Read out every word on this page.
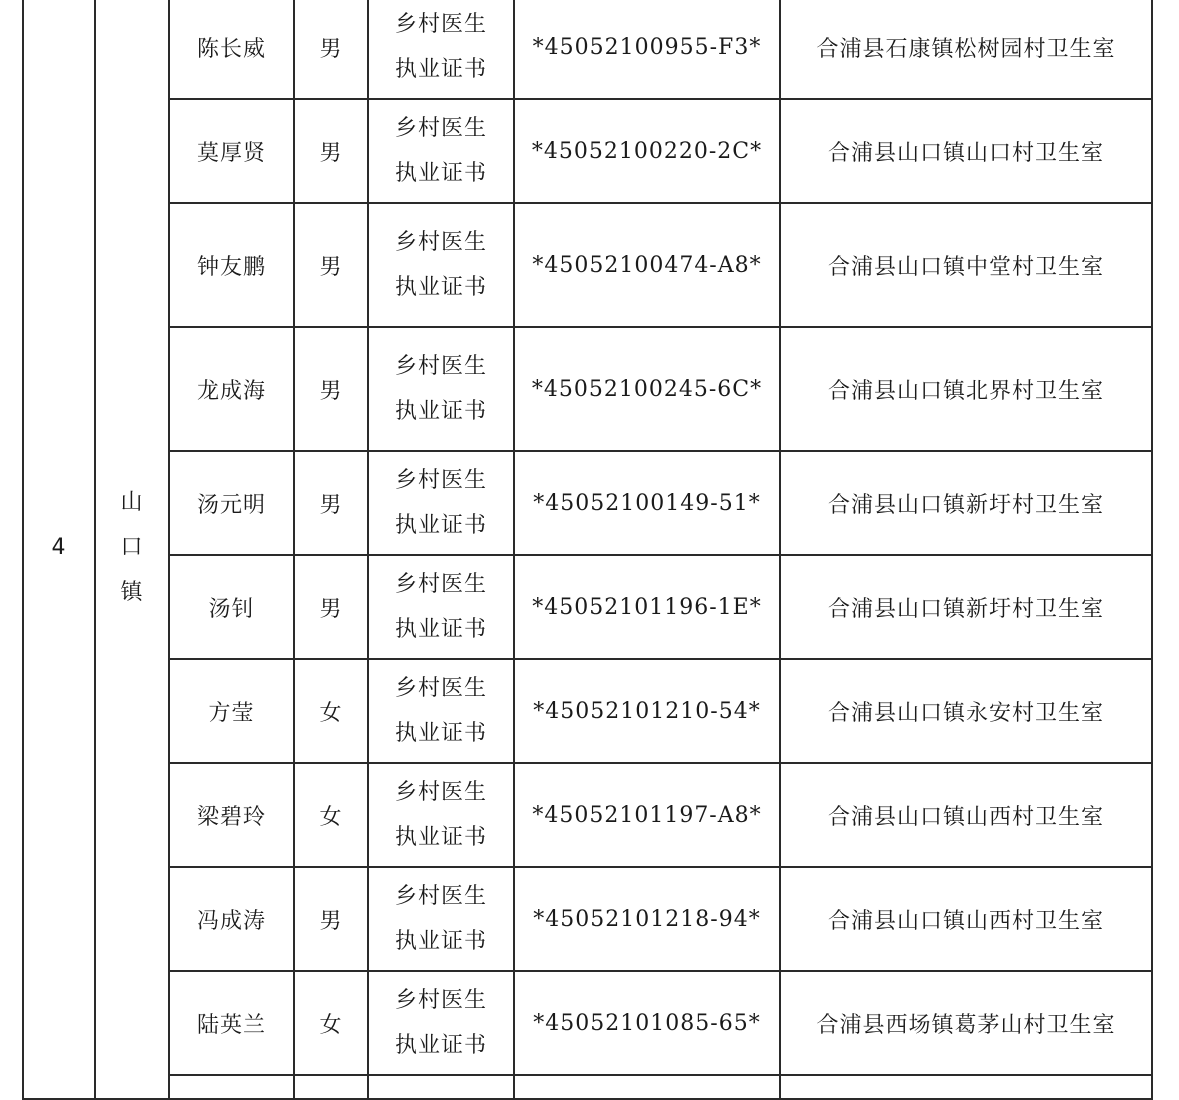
4	山
口
镇	陈长威	男	乡村医生
执业证书	*45052100955-F3*	合浦县石康镇松树园村卫生室
		莫厚贤	男	乡村医生
执业证书	*45052100220-2C*	合浦县山口镇山口村卫生室
		钟友鹏	男	乡村医生
执业证书	*45052100474-A8*	合浦县山口镇中堂村卫生室
		龙成海	男	乡村医生
执业证书	*45052100245-6C*	合浦县山口镇北界村卫生室
		汤元明	男	乡村医生
执业证书	*45052100149-51*	合浦县山口镇新圩村卫生室
		汤钊	男	乡村医生
执业证书	*45052101196-1E*	合浦县山口镇新圩村卫生室
		方莹	女	乡村医生
执业证书	*45052101210-54*	合浦县山口镇永安村卫生室
		梁碧玲	女	乡村医生
执业证书	*45052101197-A8*	合浦县山口镇山西村卫生室
		冯成涛	男	乡村医生
执业证书	*45052101218-94*	合浦县山口镇山西村卫生室
		陆英兰	女	乡村医生
执业证书	*45052101085-65*	合浦县西场镇葛茅山村卫生室
